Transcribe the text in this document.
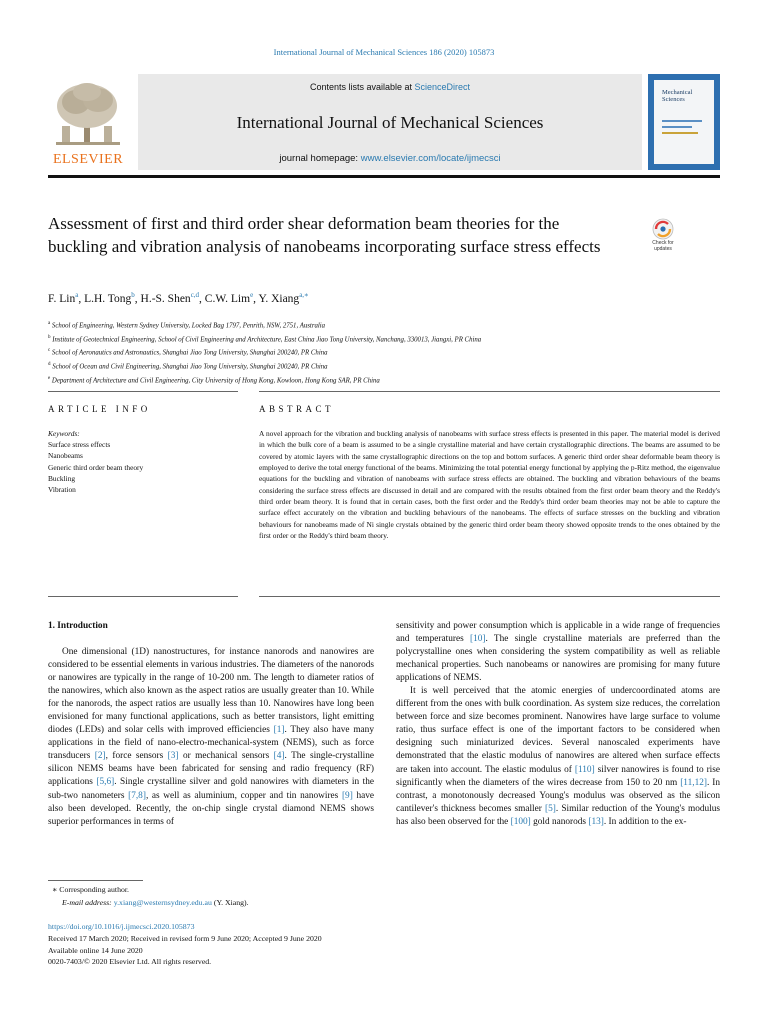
International Journal of Mechanical Sciences 186 (2020) 105873
ELSEVIER
Contents lists available at ScienceDirect
International Journal of Mechanical Sciences
journal homepage: www.elsevier.com/locate/ijmecsci
Mechanical
Sciences
Assessment of first and third order shear deformation beam theories for the buckling and vibration analysis of nanobeams incorporating surface stress effects	Check for updates
F. Lin$^a$, L.H. Tong$^b$, H.-S. Shen$^{c,d}$, C.W. Lim$^e$, Y. Xiang$^{a,∗}$
$^a$ School of Engineering, Western Sydney University, Locked Bag 1797, Penrith, NSW, 2751, Australia
$^b$ Institute of Geotechnical Engineering, School of Civil Engineering and Architecture, East China Jiao Tong University, Nanchang, 330013, Jiangxi, PR China
$^c$ School of Aeronautics and Astronautics, Shanghai Jiao Tong University, Shanghai 200240, PR China
$^d$ School of Ocean and Civil Engineering, Shanghai Jiao Tong University, Shanghai 200240, PR China
$^e$ Department of Architecture and Civil Engineering, City University of Hong Kong, Kowloon, Hong Kong SAR, PR China
ARTICLE INFO	ABSTRACT
Keywords:
Surface stress effects
Nanobeams
Generic third order beam theory
Buckling
Vibration
A novel approach for the vibration and buckling analysis of nanobeams with surface stress effects is presented in this paper. The material model is derived in which the bulk core of a beam is assumed to be a single crystalline material and have certain crystallographic directions. The beams are assumed to be covered by atomic layers with the same crystallographic directions on the top and bottom surfaces. A generic third order shear deformable beam theory is employed to derive the total energy functional of the beams. Minimizing the total potential energy functional by applying the p-Ritz method, the eigenvalue equations for the buckling and vibration of nanobeams with surface stress effects are obtained. The buckling and vibration behaviours of the beams considering the surface stress effects are discussed in detail and are compared with the results obtained from the first order beam theory and the Reddy's third order beam theory. It is found that in certain cases, both the first order and the Reddy's third order beam theories may not be able to capture the surface effect accurately on the vibration and buckling behaviours of the nanobeams. The effects of surface stresses on the buckling and vibration behaviours for nanobeams made of Ni single crystals obtained by the generic third order beam theory showed opposite trends to the ones obtained by the first order or the Reddy's third beam theory.
1. Introduction

One dimensional (1D) nanostructures, for instance nanorods and nanowires are considered to be essential elements in various industries. The diameters of the nanorods or nanowires are typically in the range of 10-200 nm. The length to diameter ratios of the nanowires, which also known as the aspect ratios are usually greater than 10. While for the nanorods, the aspect ratios are usually less than 10. Nanowires have long been envisioned for many functional applications, such as better transistors, light emitting diodes (LEDs) and solar cells with improved efficiencies [1]. They also have many applications in the field of nano-electro-mechanical-system (NEMS), such as force transducers [2], force sensors [3] or mechanical sensors [4]. The single-crystalline silicon NEMS beams have been fabricated for sensing and radio frequency (RF) applications [5,6]. Single crystalline silver and gold nanowires with diameters in the sub-two nanometers [7,8], as well as aluminium, copper and tin nanowires [9] have also been developed. Recently, the on-chip single crystal diamond NEMS shows superior performances in terms of

sensitivity and power consumption which is applicable in a wide range of frequencies and temperatures [10]. The single crystalline materials are preferred than the polycrystalline ones when considering the system compatibility as well as reliable mechanical properties. Such nanobeams or nanowires are promising for many future applications of NEMS.

It is well perceived that the atomic energies of undercoordinated atoms are different from the ones with bulk coordination. As system size reduces, the correlation between force and size becomes prominent. Nanowires have large surface to volume ratio, thus surface effect is one of the important factors to be considered when designing such miniaturized devices. Several nanoscaled experiments have demonstrated that the elastic modulus of nanowires are altered when surface effects are taken into account. The elastic modulus of [110] silver nanowires is found to rise significantly when the diameters of the wires decrease from 150 to 20 nm [11,12]. In contrast, a monotonously decreased Young's modulus was observed as the silicon cantilever's thickness becomes smaller [5]. Similar reduction of the Young's modulus has also been observed for the [100] gold nanorods [13]. In addition to the ex-

∗ Corresponding author.
E-mail address: y.xiang@westernsydney.edu.au (Y. Xiang).
https://doi.org/10.1016/j.ijmecsci.2020.105873
Received 17 March 2020; Received in revised form 9 June 2020; Accepted 9 June 2020
Available online 14 June 2020
0020-7403/© 2020 Elsevier Ltd. All rights reserved.
